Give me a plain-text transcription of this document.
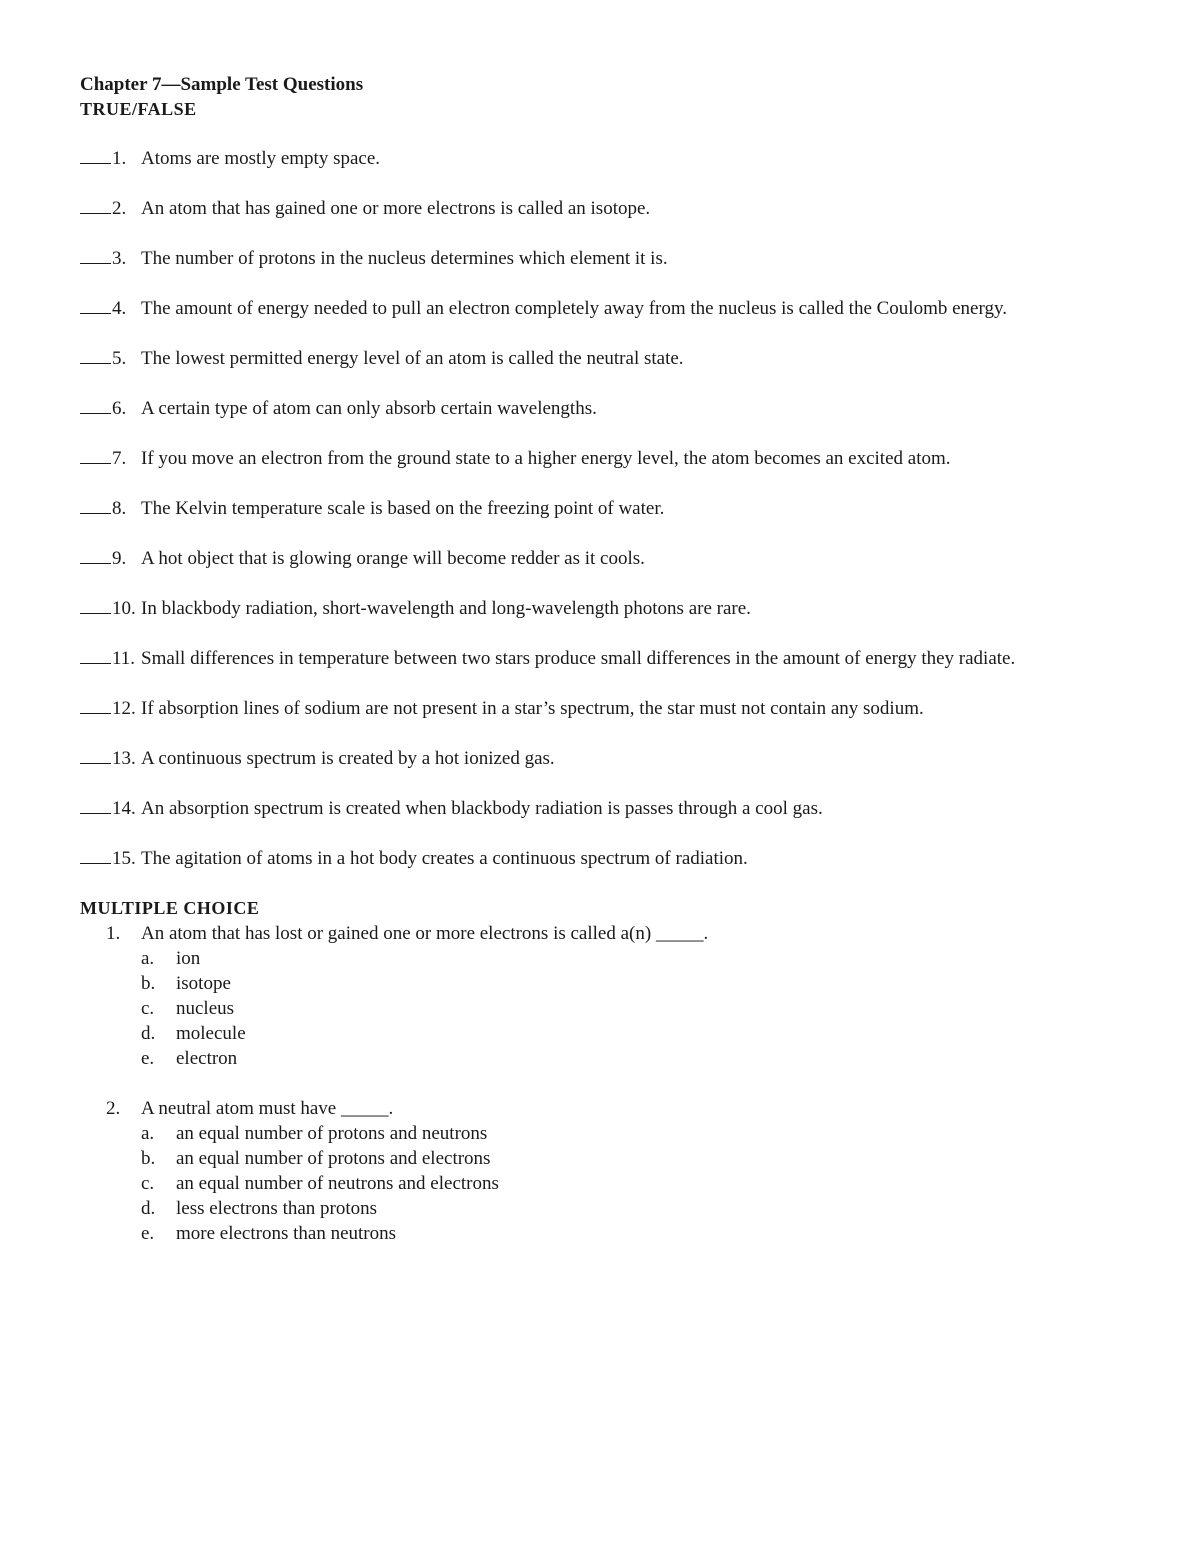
Chapter 7—Sample Test Questions
TRUE/FALSE
1. Atoms are mostly empty space.
2. An atom that has gained one or more electrons is called an isotope.
3. The number of protons in the nucleus determines which element it is.
4. The amount of energy needed to pull an electron completely away from the nucleus is called the Coulomb energy.
5. The lowest permitted energy level of an atom is called the neutral state.
6. A certain type of atom can only absorb certain wavelengths.
7. If you move an electron from the ground state to a higher energy level, the atom becomes an excited atom.
8. The Kelvin temperature scale is based on the freezing point of water.
9. A hot object that is glowing orange will become redder as it cools.
10. In blackbody radiation, short-wavelength and long-wavelength photons are rare.
11. Small differences in temperature between two stars produce small differences in the amount of energy they radiate.
12. If absorption lines of sodium are not present in a star’s spectrum, the star must not contain any sodium.
13. A continuous spectrum is created by a hot ionized gas.
14. An absorption spectrum is created when blackbody radiation is passes through a cool gas.
15. The agitation of atoms in a hot body creates a continuous spectrum of radiation.
MULTIPLE CHOICE
1. An atom that has lost or gained one or more electrons is called a(n) _____.
a. ion
b. isotope
c. nucleus
d. molecule
e. electron
2. A neutral atom must have _____.
a. an equal number of protons and neutrons
b. an equal number of protons and electrons
c. an equal number of neutrons and electrons
d. less electrons than protons
e. more electrons than neutrons
